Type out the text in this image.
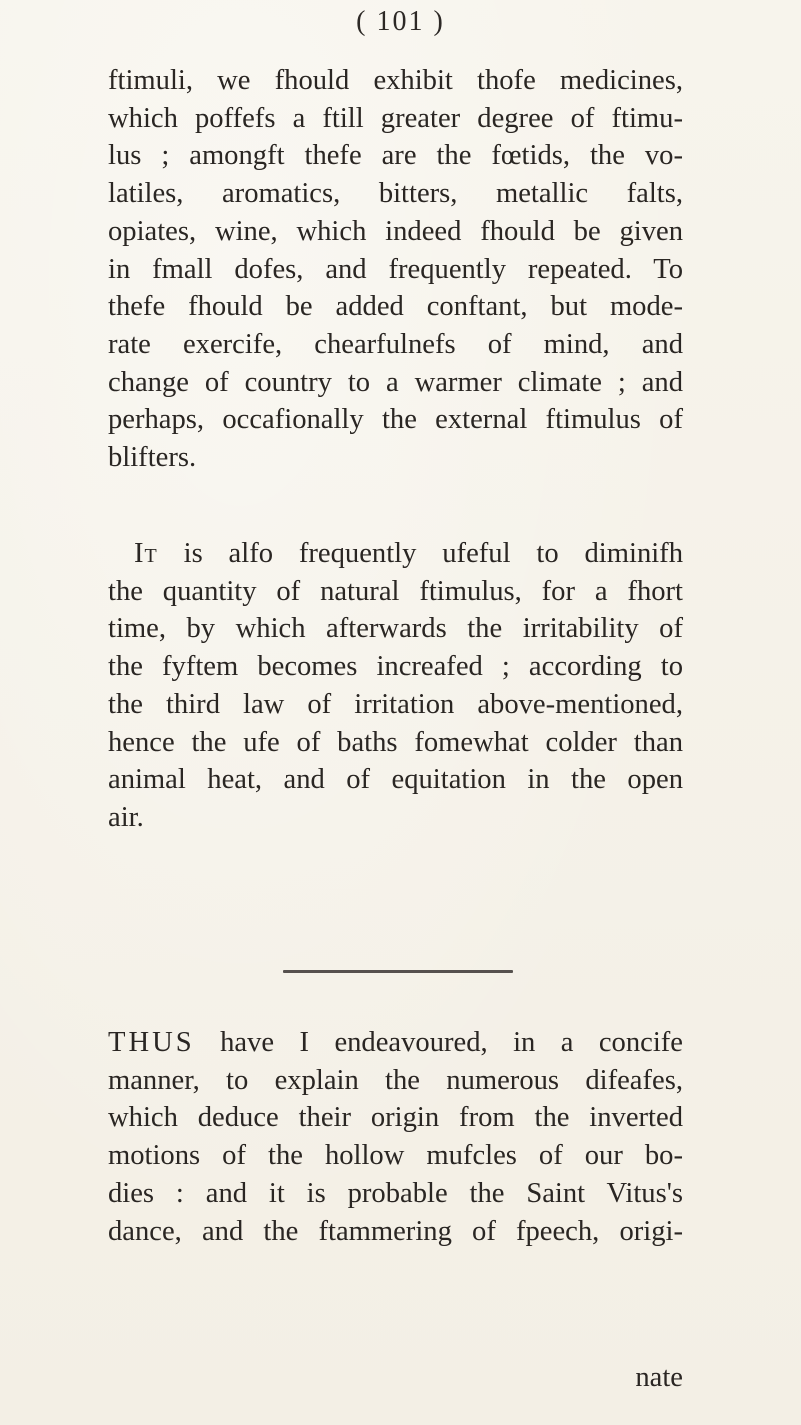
( 101 )
ftimuli, we fhould exhibit thofe medicines,
which poffefs a ftill greater degree of ftimu-
lus ; amongft thefe are the fœtids, the vo-
latiles, aromatics, bitters, metallic falts,
opiates, wine, which indeed fhould be given
in fmall dofes, and frequently repeated. To
thefe fhould be added conftant, but mode-
rate exercife, chearfulnefs of mind, and
change of country to a warmer climate ; and
perhaps, occafionally the external ftimulus of
blifters.
It is alfo frequently ufeful to diminifh
the quantity of natural ftimulus, for a fhort
time, by which afterwards the irritability of
the fyftem becomes increafed ; according to
the third law of irritation above-mentioned,
hence the ufe of baths fomewhat colder than
animal heat, and of equitation in the open
air.
THUS have I endeavoured, in a concife
manner, to explain the numerous difeafes,
which deduce their origin from the inverted
motions of the hollow mufcles of our bo-
dies : and it is probable the Saint Vitus's
dance, and the ftammering of fpeech, origi-
nate
